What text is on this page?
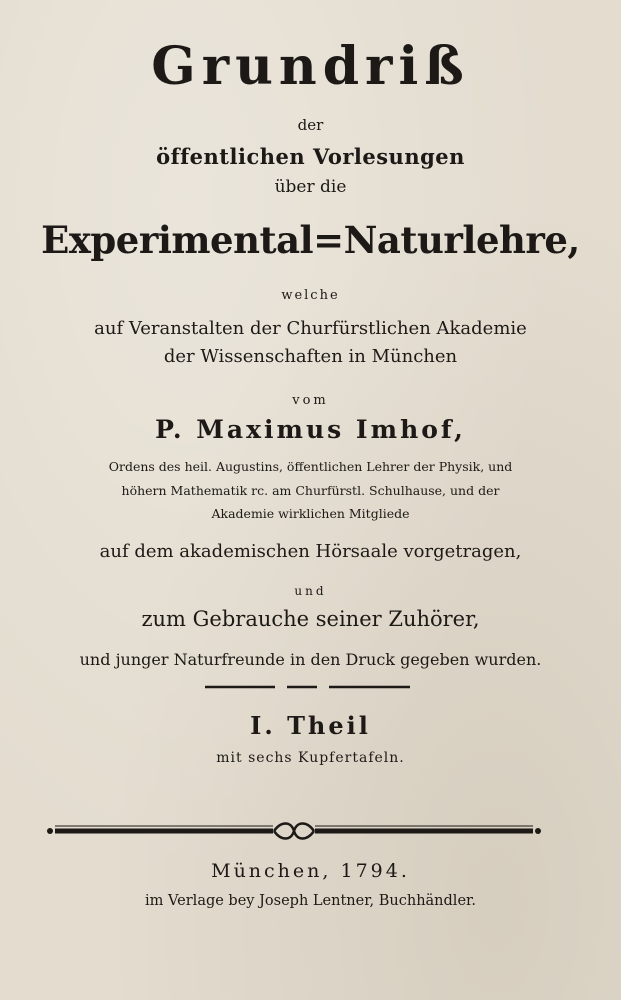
Grundriß

der

öffentlichen Vorlesungen

über die

Experimental=Naturlehre,

welche

auf Veranstalten der Churfürstlichen Akademie

der Wissenschaften in München

vom

P. Maximus Imhof,

Ordens des heil. Augustins, öffentlichen Lehrer der Physik, und

höhern Mathematik rc. am Churfürstl. Schulhause, und der

Akademie wirklichen Mitgliede

auf dem akademischen Hörsaale vorgetragen,

und

zum Gebrauche seiner Zuhörer,

und junger Naturfreunde in den Druck gegeben wurden.

I. Theil

mit sechs Kupfertafeln.

München, 1794.

im Verlage bey Joseph Lentner, Buchhändler.
